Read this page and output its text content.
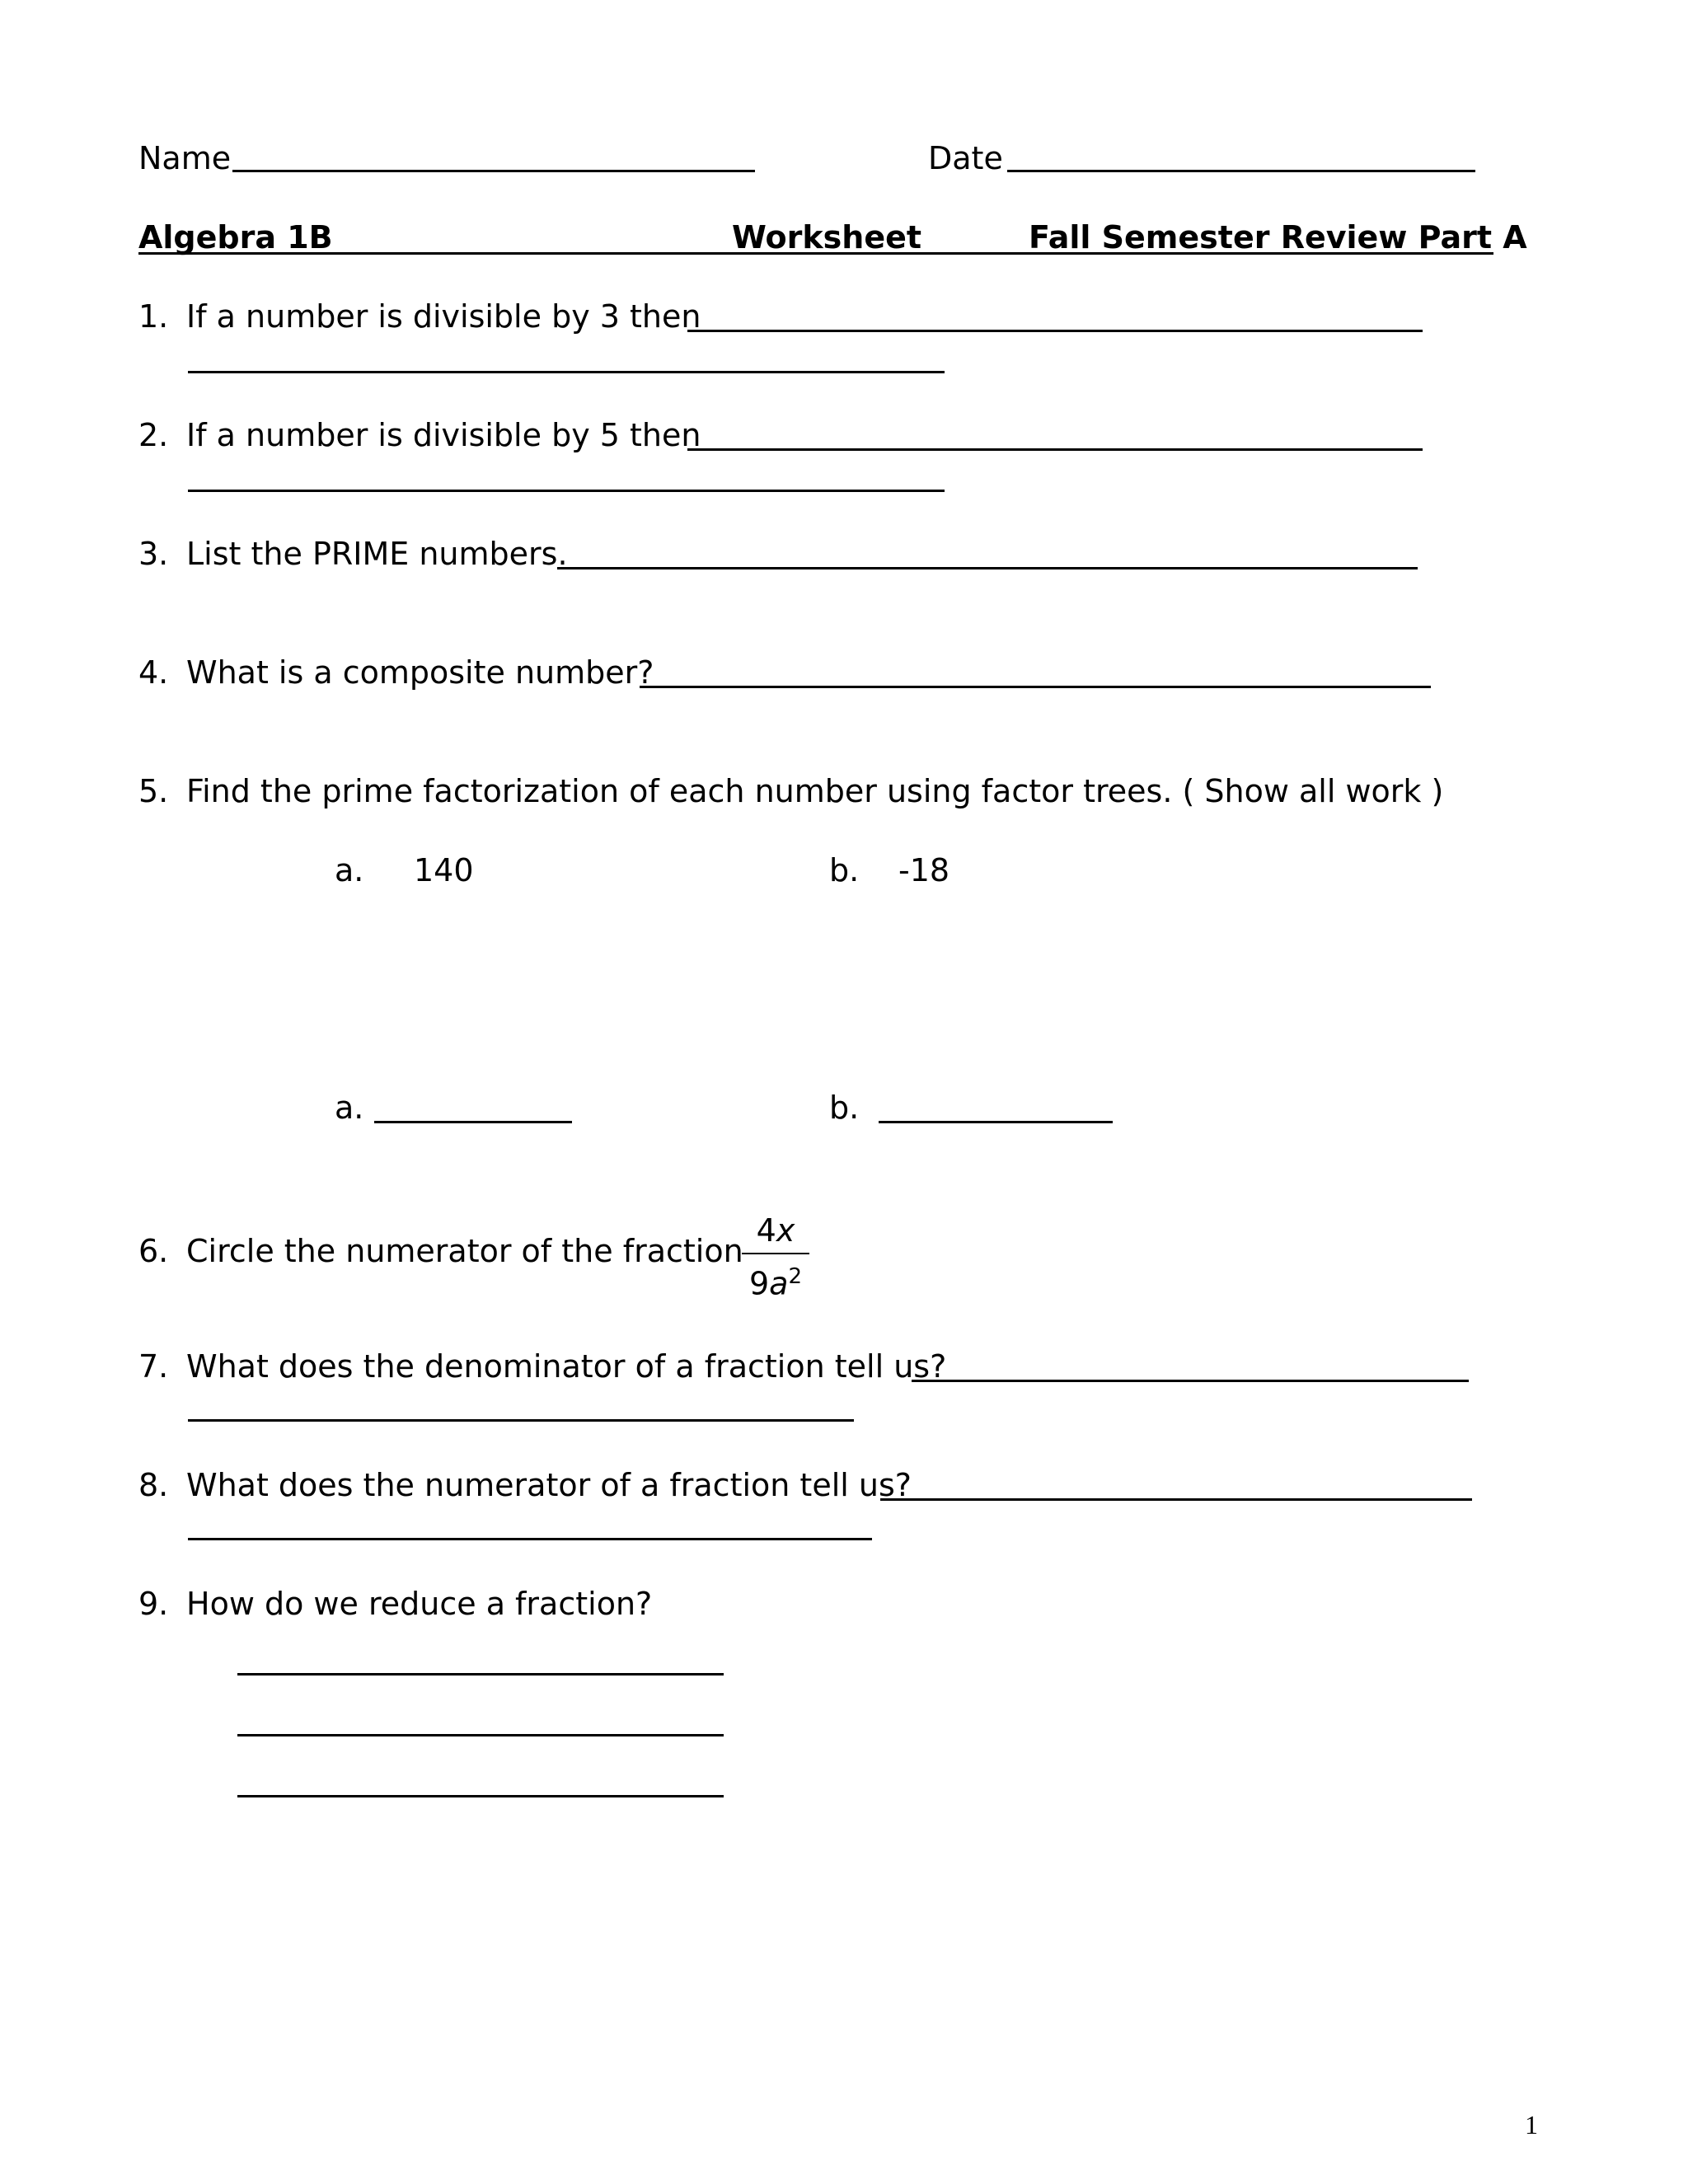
Name	Date
Algebra 1B	Worksheet	Fall Semester Review Part A
1. If a number is divisible by 3 then
2. If a number is divisible by 5 then
3. List the PRIME numbers.
4. What is a composite number?
5. Find the prime factorization of each number using factor trees. ( Show all work )
a. 140	b. -18
a.	b.
6. Circle the numerator of the fraction
4x
$9a^2$
7. What does the denominator of a fraction tell us?
8. What does the numerator of a fraction tell us?
9. How do we reduce a fraction?
1
